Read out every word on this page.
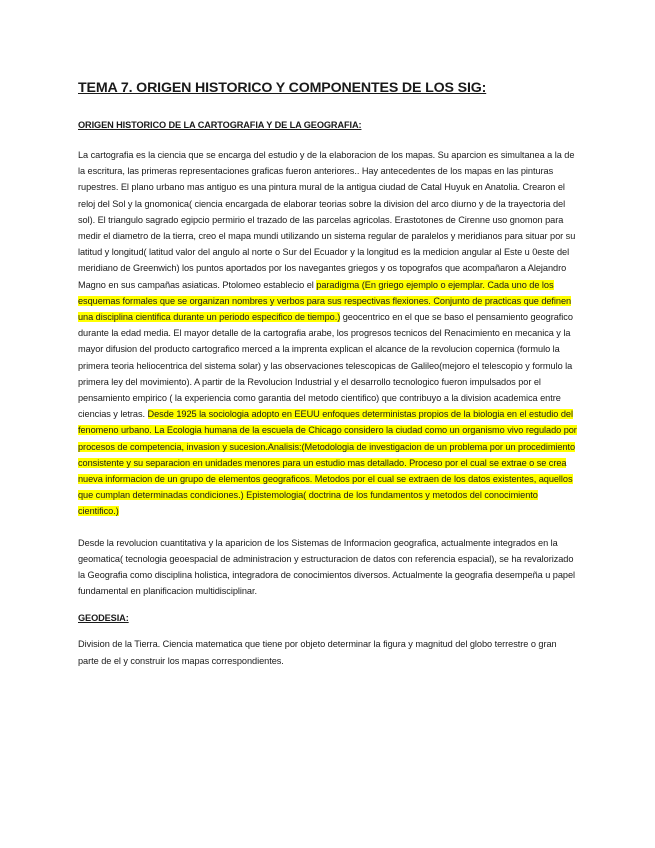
TEMA 7. ORIGEN HISTORICO Y COMPONENTES DE LOS SIG:
ORIGEN HISTORICO DE LA CARTOGRAFIA Y DE LA GEOGRAFIA:

La cartografia es la ciencia que se encarga del estudio y de la elaboracion de los mapas. Su aparcion es simultanea a la de la escritura, las primeras representaciones graficas fueron anteriores.. Hay antecedentes de los mapas en las pinturas rupestres. El plano urbano mas antiguo es una pintura mural de la antigua ciudad de Catal Huyuk en Anatolia. Crearon el reloj del Sol y la gnomonica( ciencia encargada de elaborar teorias sobre la division del arco diurno y de la trayectoria del sol). El triangulo sagrado egipcio permirio el trazado de las parcelas agricolas. Erastotones de Cirenne uso gnomon para medir el diametro de la tierra, creo el mapa mundi utilizando un sistema regular de paralelos y meridianos para situar por su latitud y longitud( latitud valor del angulo al norte o Sur del Ecuador y la longitud es la medicion angular al Este u 0este del meridiano de Greenwich) los puntos aportados por los navegantes griegos y os topografos que acompañaron a Alejandro Magno en sus campañas asiaticas. Ptolomeo establecio el paradigma (En griego ejemplo o ejemplar. Cada uno de los esquemas formales que se organizan nombres y verbos para sus respectivas flexiones. Conjunto de practicas que definen una disciplina cientifica durante un periodo especifico de tiempo.) geocentrico en el que se baso el pensamiento geografico durante la edad media. El mayor detalle de la cartografia arabe, los progresos tecnicos del Renacimiento en mecanica y la mayor difusion del producto cartografico merced a la imprenta explican el alcance de la revolucion copernica (formulo la primera teoria heliocentrica del sistema solar) y las observaciones telescopicas de Galileo(mejoro el telescopio y formulo la primera ley del movimiento). A partir de la Revolucion Industrial y el desarrollo tecnologico fueron impulsados por el pensamiento empirico ( la experiencia como garantia del metodo cientifico) que contribuyo a la division academica entre ciencias y letras. Desde 1925 la sociologia adopto en EEUU enfoques deterministas propios de la biologia en el estudio del fenomeno urbano. La Ecologia humana de la escuela de Chicago considero la ciudad como un organismo vivo regulado por procesos de competencia, invasion y sucesion.Analisis:(Metodologia de investigacion de un problema por un procedimiento consistente y su separacion en unidades menores para un estudio mas detallado. Proceso por el cual se extrae o se crea nueva informacion de un grupo de elementos geograficos. Metodos por el cual se extraen de los datos existentes, aquellos que cumplan determinadas condiciones.) Epistemologia( doctrina de los fundamentos y metodos del conocimiento cientifico.)

Desde la revolucion cuantitativa y la aparicion de los Sistemas de Informacion geografica, actualmente integrados en la geomatica( tecnologia geoespacial de administracion y estructuracion de datos con referencia espacial), se ha revalorizado la Geografia como disciplina holistica, integradora de conocimientos diversos. Actualmente la geografia desempeña u papel fundamental en planificacion multidisciplinar.

GEODESIA:

Division de la Tierra. Ciencia matematica que tiene por objeto determinar la figura y magnitud del globo terrestre o gran parte de el y construir los mapas correspondientes.
